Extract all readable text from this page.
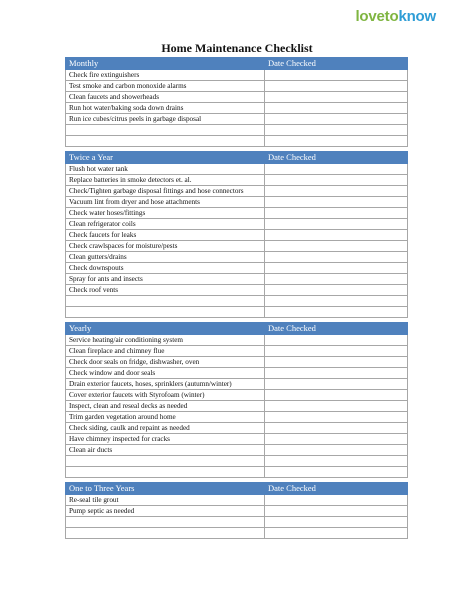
lovetoknow
Home Maintenance Checklist
Monthly	Date Checked
Check fire extinguishers	
Test smoke and carbon monoxide alarms	
Clean faucets and showerheads	
Run hot water/baking soda down drains	
Run ice cubes/citrus peels in garbage disposal	

Twice a Year	Date Checked
Flush hot water tank	
Replace batteries in smoke detectors et. al.	
Check/Tighten garbage disposal fittings and hose connectors	
Vacuum lint from dryer and hose attachments	
Check water hoses/fittings	
Clean refrigerator coils	
Check faucets for leaks	
Check crawlspaces for moisture/pests	
Clean gutters/drains	
Check downspouts	
Spray for ants and insects	
Check roof vents	

Yearly	Date Checked
Service heating/air conditioning system	
Clean fireplace and chimney flue	
Check door seals on fridge, dishwasher, oven	
Check window and door seals	
Drain exterior faucets, hoses, sprinklers (autumn/winter)	
Cover exterior faucets with Styrofoam (winter)	
Inspect, clean and reseal decks as needed	
Trim garden vegetation around home	
Check siding, caulk and repaint as needed	
Have chimney inspected for cracks	
Clean air ducts	

One to Three Years	Date Checked
Re-seal tile grout	
Pump septic as needed	
